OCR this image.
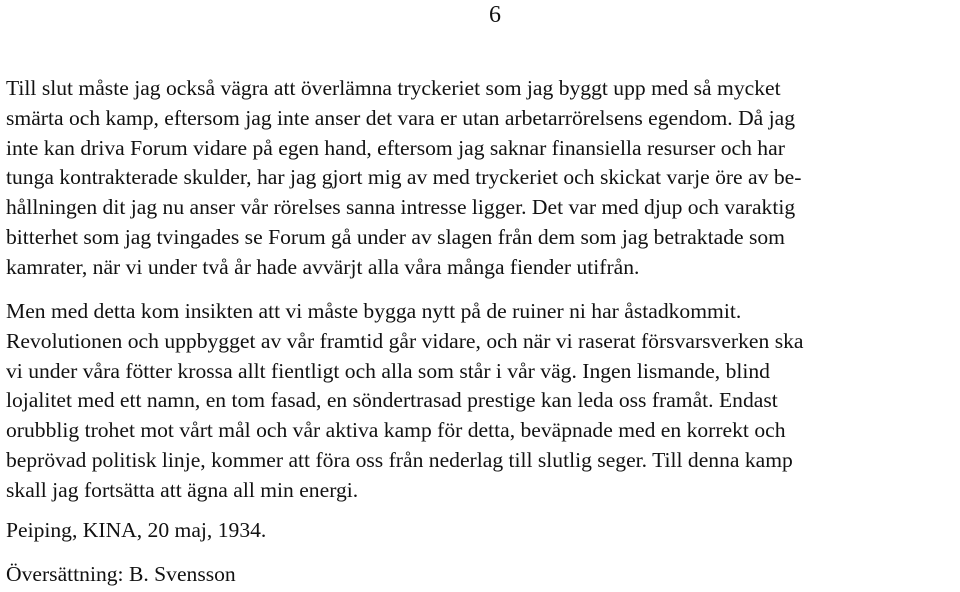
6

Till slut måste jag också vägra att överlämna tryckeriet som jag byggt upp med så mycket
smärta och kamp, eftersom jag inte anser det vara er utan arbetarrörelsens egendom. Då jag
inte kan driva Forum vidare på egen hand, eftersom jag saknar finansiella resurser och har
tunga kontrakterade skulder, har jag gjort mig av med tryckeriet och skickat varje öre av be-
hållningen dit jag nu anser vår rörelses sanna intresse ligger. Det var med djup och varaktig
bitterhet som jag tvingades se Forum gå under av slagen från dem som jag betraktade som
kamrater, när vi under två år hade avvärjt alla våra många fiender utifrån.

Men med detta kom insikten att vi måste bygga nytt på de ruiner ni har åstadkommit.
Revolutionen och uppbygget av vår framtid går vidare, och när vi raserat försvarsverken ska
vi under våra fötter krossa allt fientligt och alla som står i vår väg. Ingen lismande, blind
lojalitet med ett namn, en tom fasad, en söndertrasad prestige kan leda oss framåt. Endast
orubblig trohet mot vårt mål och vår aktiva kamp för detta, beväpnade med en korrekt och
beprövad politisk linje, kommer att föra oss från nederlag till slutlig seger. Till denna kamp
skall jag fortsätta att ägna all min energi.

Peiping, KINA, 20 maj, 1934.

Översättning: B. Svensson
